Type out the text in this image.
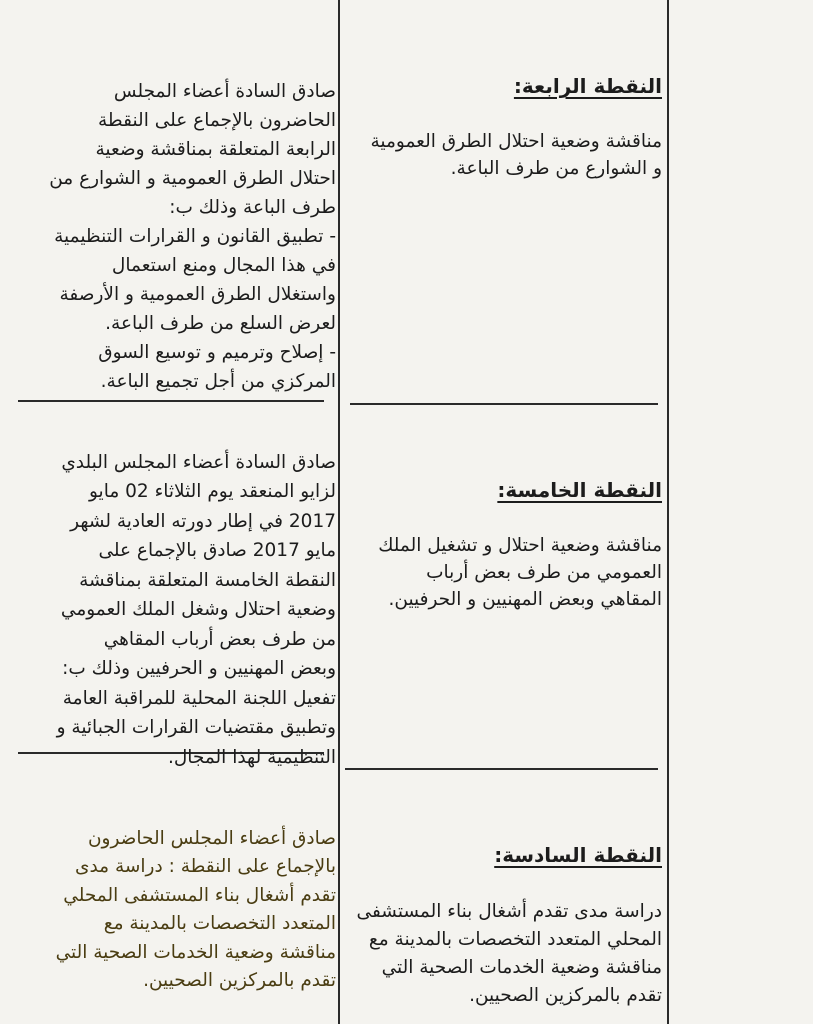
النقطة الرابعة:

مناقشة وضعية احتلال الطرق العمومية
و الشوارع من طرف الباعة.

صادق السادة أعضاء المجلس
الحاضرون بالإجماع على النقطة
الرابعة المتعلقة بمناقشة وضعية
احتلال الطرق العمومية و الشوارع من
طرف الباعة وذلك ب:
- تطبيق القانون و القرارات التنظيمية
في هذا المجال ومنع استعمال
واستغلال الطرق العمومية و الأرصفة
لعرض السلع من طرف الباعة.
- إصلاح وترميم و توسيع السوق
المركزي من أجل تجميع الباعة.

النقطة الخامسة:

مناقشة وضعية احتلال و تشغيل الملك
العمومي من طرف بعض أرباب
المقاهي وبعض المهنيين و الحرفيين.

صادق السادة أعضاء المجلس البلدي
لزايو المنعقد يوم الثلاثاء 02 مايو
2017 في إطار دورته العادية لشهر
مايو 2017 صادق بالإجماع على
النقطة الخامسة المتعلقة بمناقشة
وضعية احتلال وشغل الملك العمومي
من طرف بعض أرباب المقاهي
وبعض المهنيين و الحرفيين وذلك ب:
تفعيل اللجنة المحلية للمراقبة العامة
وتطبيق مقتضيات القرارات الجبائية و
التنظيمية لهذا المجال.

النقطة السادسة:

دراسة مدى تقدم أشغال بناء المستشفى
المحلي المتعدد التخصصات بالمدينة مع
مناقشة وضعية الخدمات الصحية التي
تقدم بالمركزين الصحيين.

صادق أعضاء المجلس الحاضرون
بالإجماع على النقطة : دراسة مدى
تقدم أشغال بناء المستشفى المحلي
المتعدد التخصصات بالمدينة مع
مناقشة وضعية الخدمات الصحية التي
تقدم بالمركزين الصحيين.
